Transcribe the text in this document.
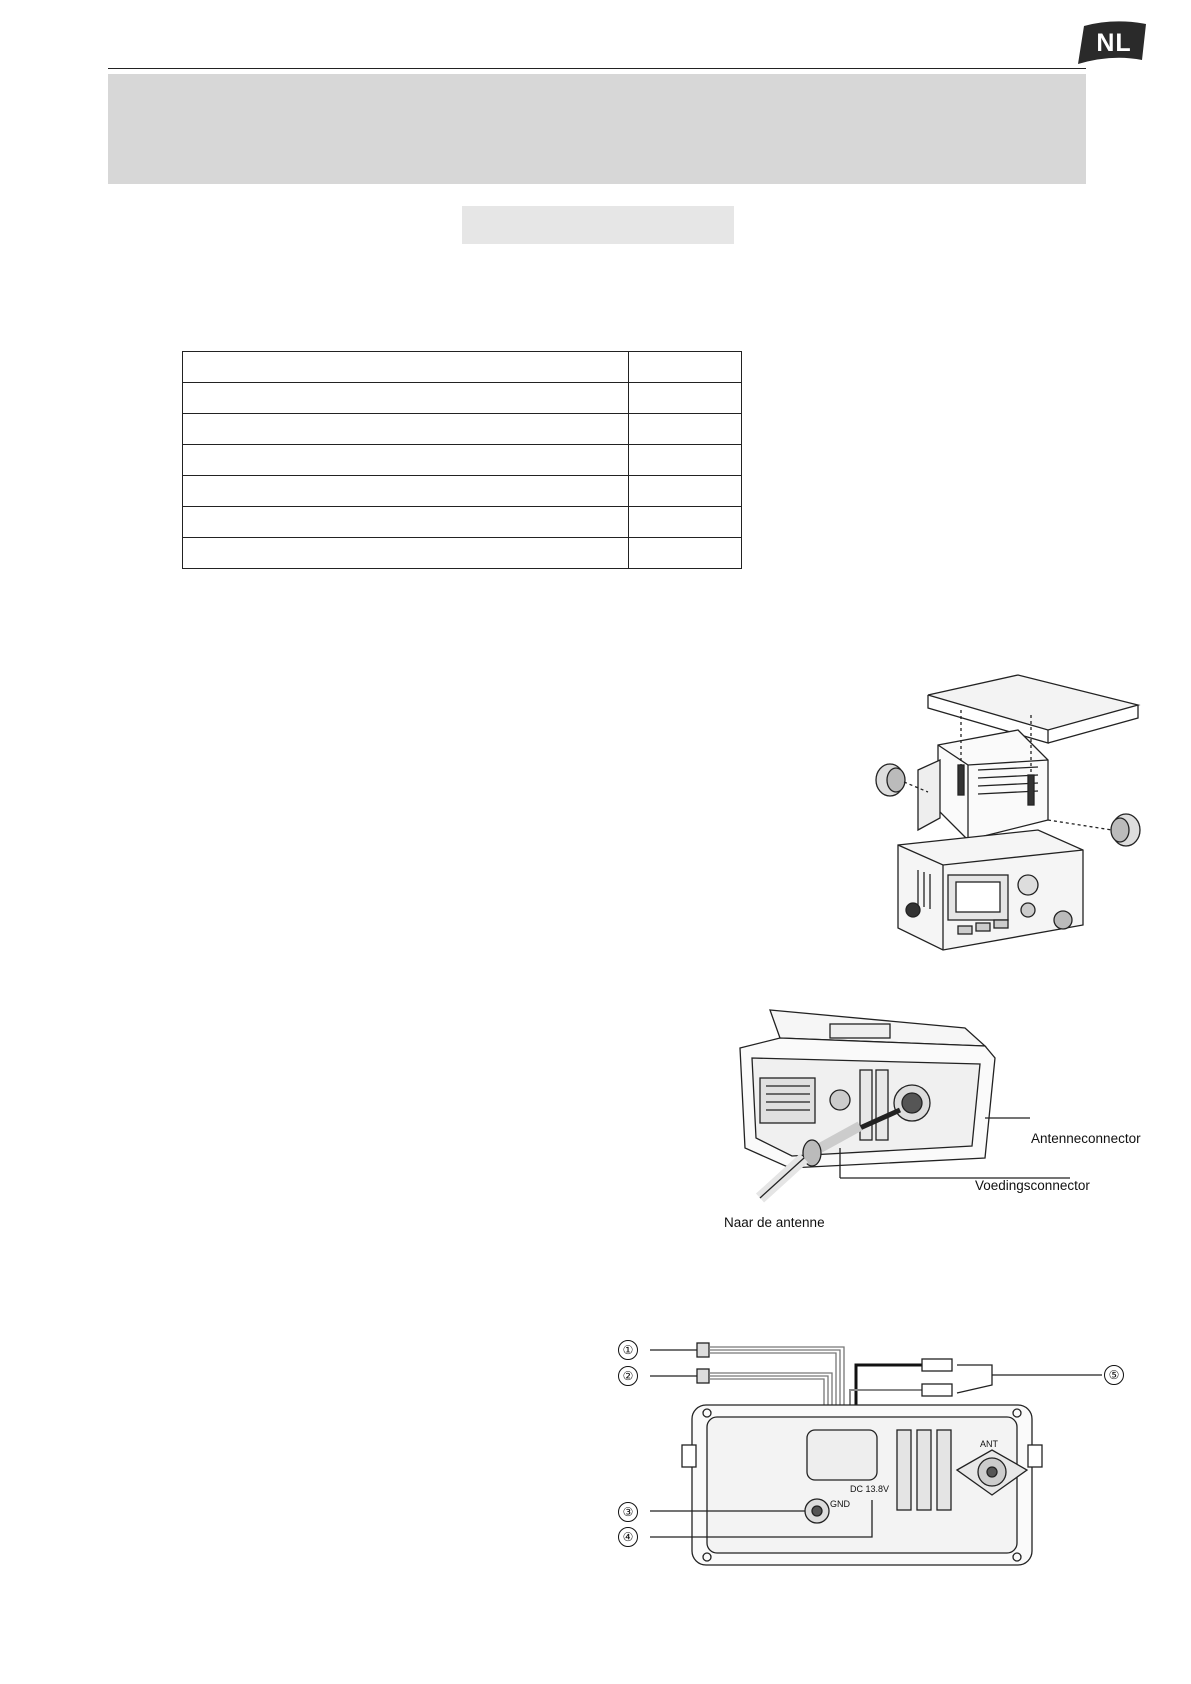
NL

Antenneconnector
Voedingsconnector
Naar de antenne
DC 13.8V
ANT
GND
①
②
③
④
⑤
